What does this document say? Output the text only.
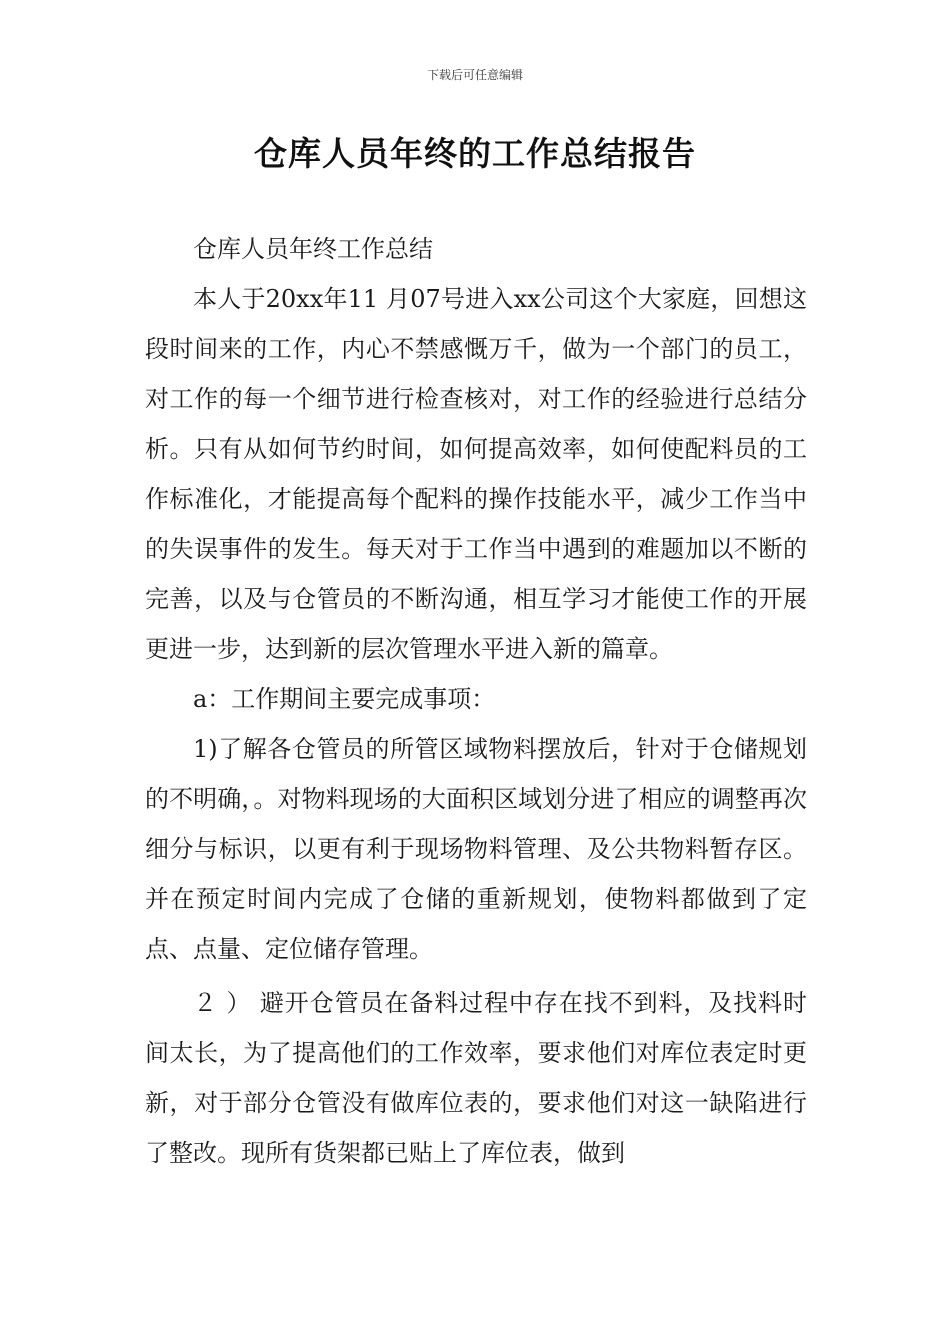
下载后可任意编辑
仓库人员年终的工作总结报告

仓库人员年终工作总结

本人于20xx年11 月07号进入xx公司这个大家庭，回想这 段时间来的工作，内心不禁感慨万千，做为一个部门的员工，对工作的每一个细节进行检查核对，对工作的经验进行总结分析。只有从如何节约时间，如何提高效率，如何使配料员的工作标准化，才能提高每个配料的操作技能水平，减少工作当中的失误事件的发生。每天对于工作当中遇到的难题加以不断的完善，以及与仓管员的不断沟通，相互学习才能使工作的开展更进一步，达到新的层次管理水平进入新的篇章。

a：工作期间主要完成事项：

1)了解各仓管员的所管区域物料摆放后，针对于仓储规划的不明确，。对物料现场的大面积区域划分进了相应的调整再次细分与标识，以更有利于现场物料管理、及公共物料暂存区。并在预定时间内完成了仓储的重新规划，使物料都做到了定点、点量、定位储存管理。

２ ） 避开仓管员在备料过程中存在找不到料，及找料时间太长，为了提高他们的工作效率，要求他们对库位表定时更新，对于部分仓管没有做库位表的，要求他们对这一缺陷进行了整改。现所有货架都已贴上了库位表，做到
